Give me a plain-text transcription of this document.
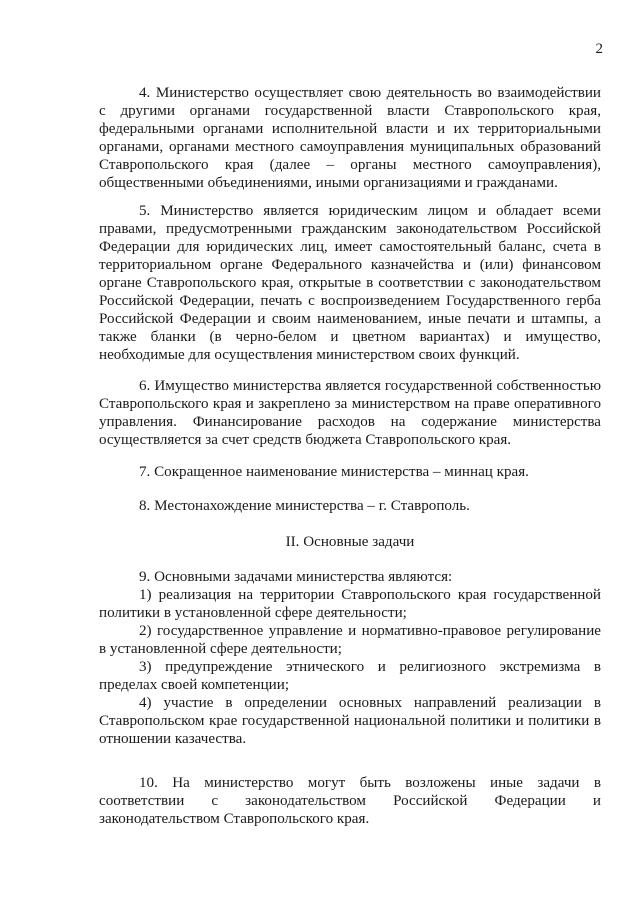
2

4. Министерство осуществляет свою деятельность во взаимодействии с другими органами государственной власти Ставропольского края, федеральными органами исполнительной власти и их территориальными органами, органами местного самоуправления муниципальных образований Ставропольского края (далее – органы местного самоуправления), общественными объединениями, иными организациями и гражданами.

5. Министерство является юридическим лицом и обладает всеми правами, предусмотренными гражданским законодательством Российской Федерации для юридических лиц, имеет самостоятельный баланс, счета в территориальном органе Федерального казначейства и (или) финансовом органе Ставропольского края, открытые в соответствии с законодательством Российской Федерации, печать с воспроизведением Государственного герба Российской Федерации и своим наименованием, иные печати и штампы, а также бланки (в черно-белом и цветном вариантах) и имущество, необходимые для осуществления министерством своих функций.

6. Имущество министерства является государственной собственностью Ставропольского края и закреплено за министерством на праве оперативного управления. Финансирование расходов на содержание министерства осуществляется за счет средств бюджета Ставропольского края.

7. Сокращенное наименование министерства – миннац края.

8. Местонахождение министерства – г. Ставрополь.

II. Основные задачи

9. Основными задачами министерства являются:

1) реализация на территории Ставропольского края государственной политики в установленной сфере деятельности;

2) государственное управление и нормативно-правовое регулирование в установленной сфере деятельности;

3) предупреждение этнического и религиозного экстремизма в пределах своей компетенции;

4) участие в определении основных направлений реализации в Ставропольском крае государственной национальной политики и политики в отношении казачества.

10. На министерство могут быть возложены иные задачи в соответствии с законодательством Российской Федерации и законодательством Ставропольского края.
